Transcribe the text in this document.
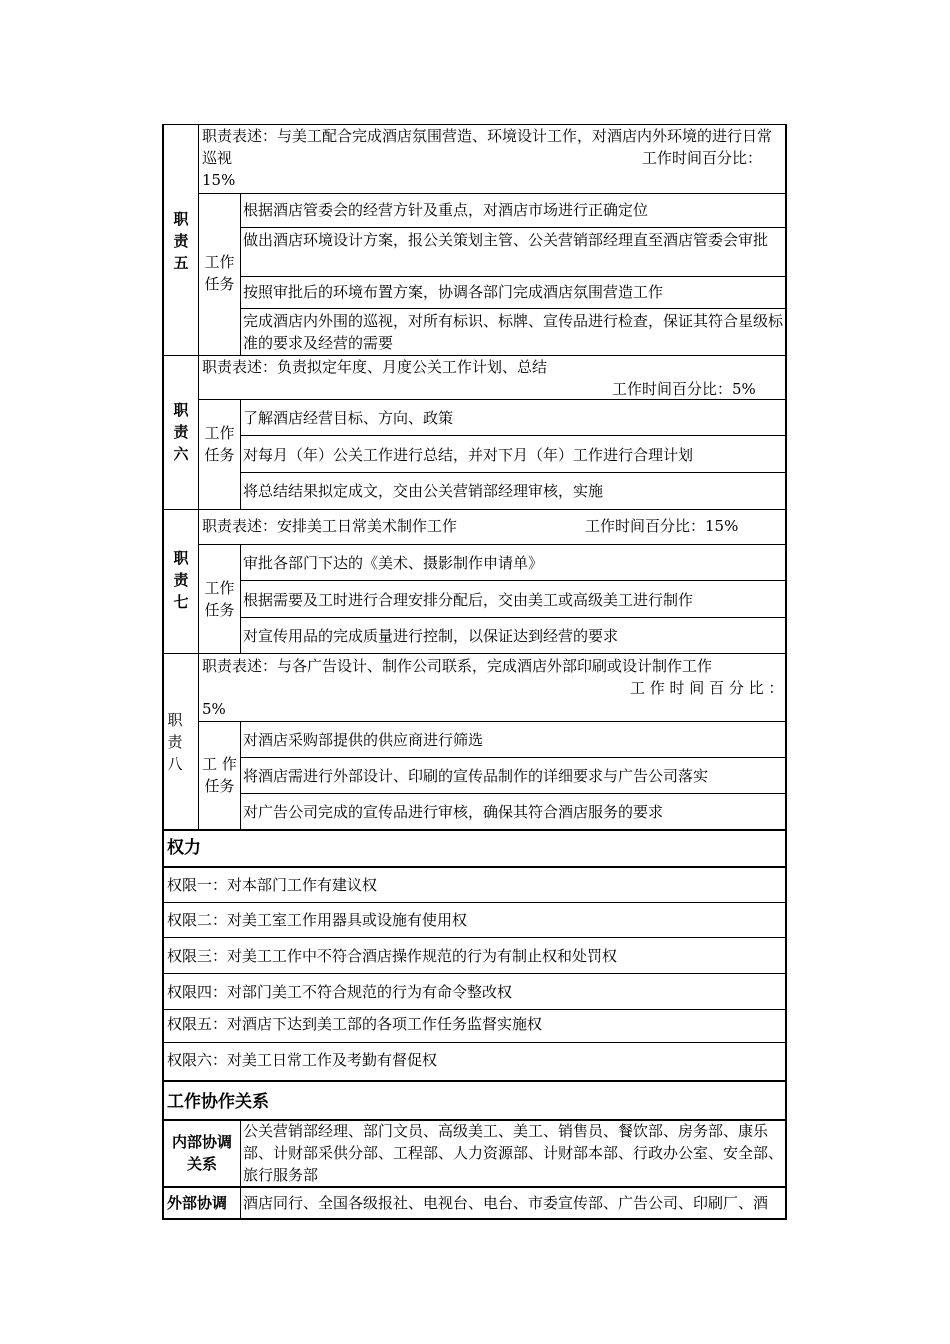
职
责
五
职责表述：与美工配合完成酒店氛围营造、环境设计工作，对酒店内外环境的进行日常巡视	工作时间百分比：
15%
工作
任务
根据酒店管委会的经营方针及重点，对酒店市场进行正确定位
做出酒店环境设计方案，报公关策划主管、公关营销部经理直至酒店管委会审批
按照审批后的环境布置方案，协调各部门完成酒店氛围营造工作
完成酒店内外围的巡视，对所有标识、标牌、宣传品进行检查，保证其符合星级标准的要求及经营的需要
职
责
六
职责表述：负责拟定年度、月度公关工作计划、总结
工作时间百分比：5%
工作
任务
了解酒店经营目标、方向、政策
对每月（年）公关工作进行总结，并对下月（年）工作进行合理计划
将总结结果拟定成文，交由公关营销部经理审核，实施
职
责
七
职责表述：安排美工日常美术制作工作	工作时间百分比：15%
工作
任务
审批各部门下达的《美术、摄影制作申请单》
根据需要及工时进行合理安排分配后，交由美工或高级美工进行制作
对宣传用品的完成质量进行控制，以保证达到经营的要求
职
责
八
职责表述：与各广告设计、制作公司联系，完成酒店外部印刷或设计制作工作
工 作 时 间 百 分 比 ：
5%
工 作
任务
对酒店采购部提供的供应商进行筛选
将酒店需进行外部设计、印刷的宣传品制作的详细要求与广告公司落实
对广告公司完成的宣传品进行审核，确保其符合酒店服务的要求
权力
权限一：对本部门工作有建议权
权限二：对美工室工作用器具或设施有使用权
权限三：对美工工作中不符合酒店操作规范的行为有制止权和处罚权
权限四：对部门美工不符合规范的行为有命令整改权
权限五：对酒店下达到美工部的各项工作任务监督实施权
权限六：对美工日常工作及考勤有督促权
工作协作关系
内部协调
关系
公关营销部经理、部门文员、高级美工、美工、销售员、餐饮部、房务部、康乐部、计财部采供分部、工程部、人力资源部、计财部本部、行政办公室、安全部、旅行服务部
外部协调 酒店同行、全国各级报社、电视台、电台、市委宣传部、广告公司、印刷厂、酒
